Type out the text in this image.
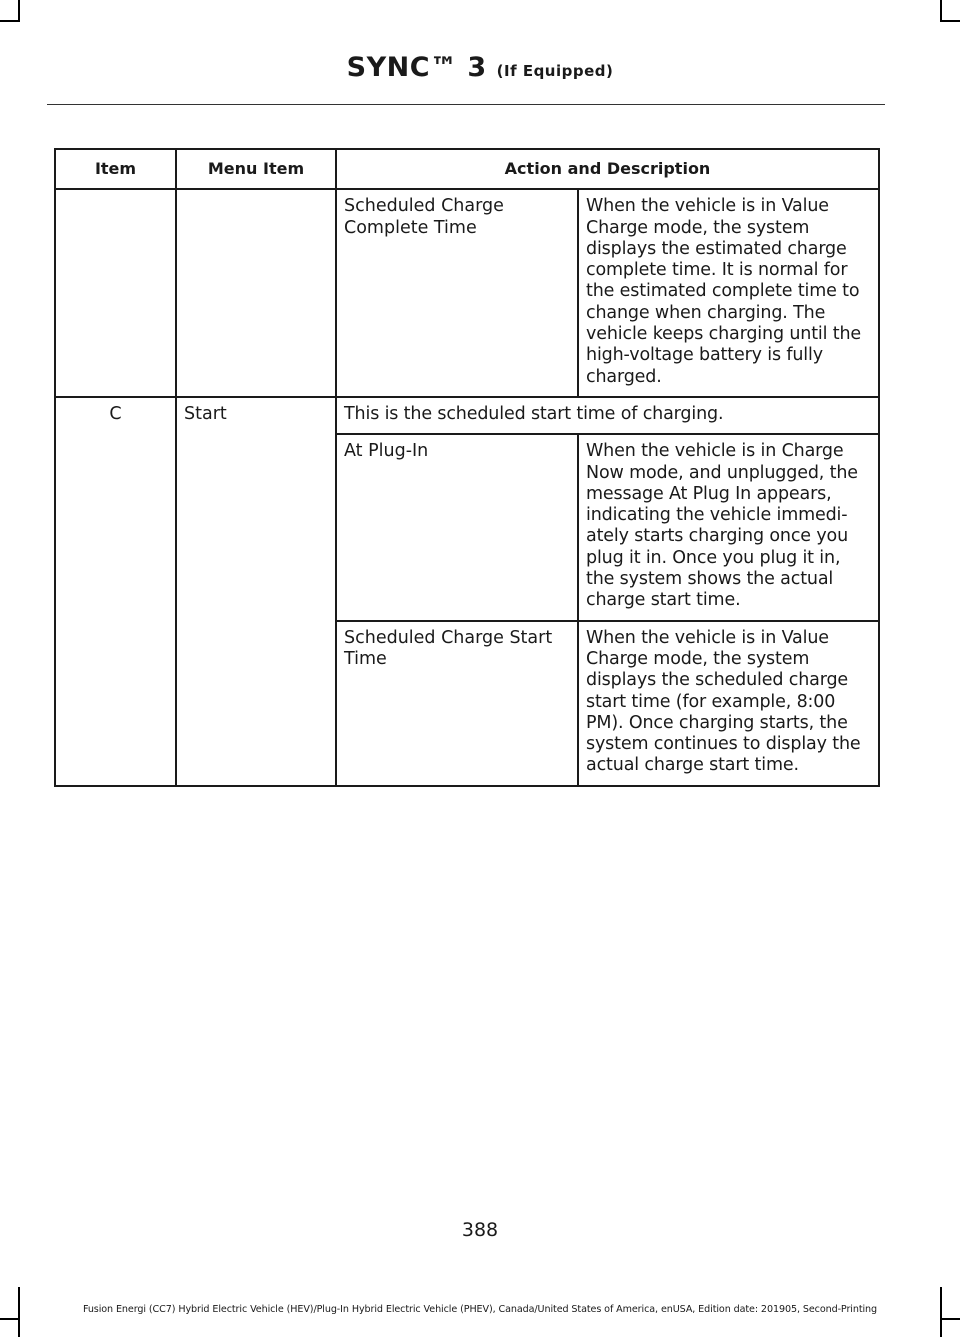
SYNC™ 3 (If Equipped)
Item	Menu Item	Action and Description	
		Scheduled Charge Complete Time	When the vehicle is in Value Charge mode, the system displays the estimated charge complete time. It is normal for the estimated complete time to change when charging. The vehicle keeps charging until the high-voltage battery is fully charged.
C	Start	This is the scheduled start time of charging.	
		At Plug-In	When the vehicle is in Charge Now mode, and unplugged, the message At Plug In appears, indicating the vehicle immedi-ately starts charging once you plug it in. Once you plug it in, the system shows the actual charge start time.
		Scheduled Charge Start Time	When the vehicle is in Value Charge mode, the system displays the scheduled charge start time (for example, 8:00 PM). Once charging starts, the system continues to display the actual charge start time.
388
Fusion Energi (CC7) Hybrid Electric Vehicle (HEV)/Plug-In Hybrid Electric Vehicle (PHEV), Canada/United States of America, enUSA, Edition date: 201905, Second-Printing
